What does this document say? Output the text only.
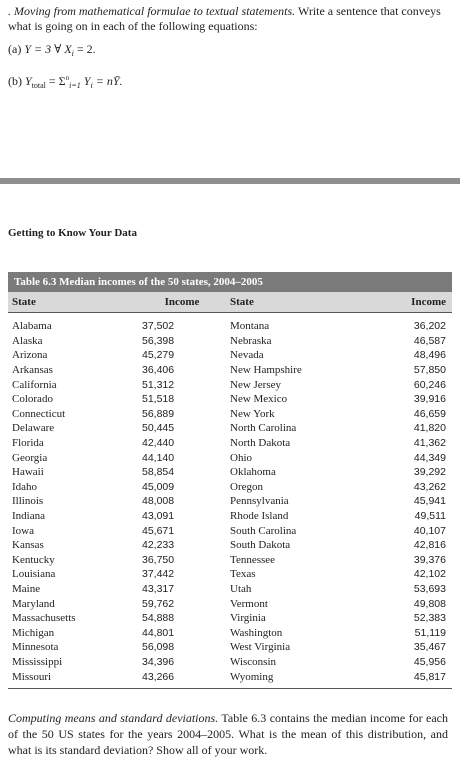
. Moving from mathematical formulae to textual statements. Write a sentence that conveys what is going on in each of the following equations:
(a) Y = 3 ∀ $X_i = 2$.
(b) $Y_{total} = \Sigma^n_{i=1}$ $Y_i$ = nȲ.
Getting to Know Your Data
Table 6.3 Median incomes of the 50 states, 2004–2005
State	Income	State	Income
Alabama	37,502	Montana	36,202
Alaska	56,398	Nebraska	46,587
Arizona	45,279	Nevada	48,496
Arkansas	36,406	New Hampshire	57,850
California	51,312	New Jersey	60,246
Colorado	51,518	New Mexico	39,916
Connecticut	56,889	New York	46,659
Delaware	50,445	North Carolina	41,820
Florida	42,440	North Dakota	41,362
Georgia	44,140	Ohio	44,349
Hawaii	58,854	Oklahoma	39,292
Idaho	45,009	Oregon	43,262
Illinois	48,008	Pennsylvania	45,941
Indiana	43,091	Rhode Island	49,511
Iowa	45,671	South Carolina	40,107
Kansas	42,233	South Dakota	42,816
Kentucky	36,750	Tennessee	39,376
Louisiana	37,442	Texas	42,102
Maine	43,317	Utah	53,693
Maryland	59,762	Vermont	49,808
Massachusetts	54,888	Virginia	52,383
Michigan	44,801	Washington	51,119
Minnesota	56,098	West Virginia	35,467
Mississippi	34,396	Wisconsin	45,956
Missouri	43,266	Wyoming	45,817
Computing means and standard deviations. Table 6.3 contains the median income for each of the 50 US states for the years 2004–2005. What is the mean of this distribution, and what is its standard deviation? Show all of your work.
